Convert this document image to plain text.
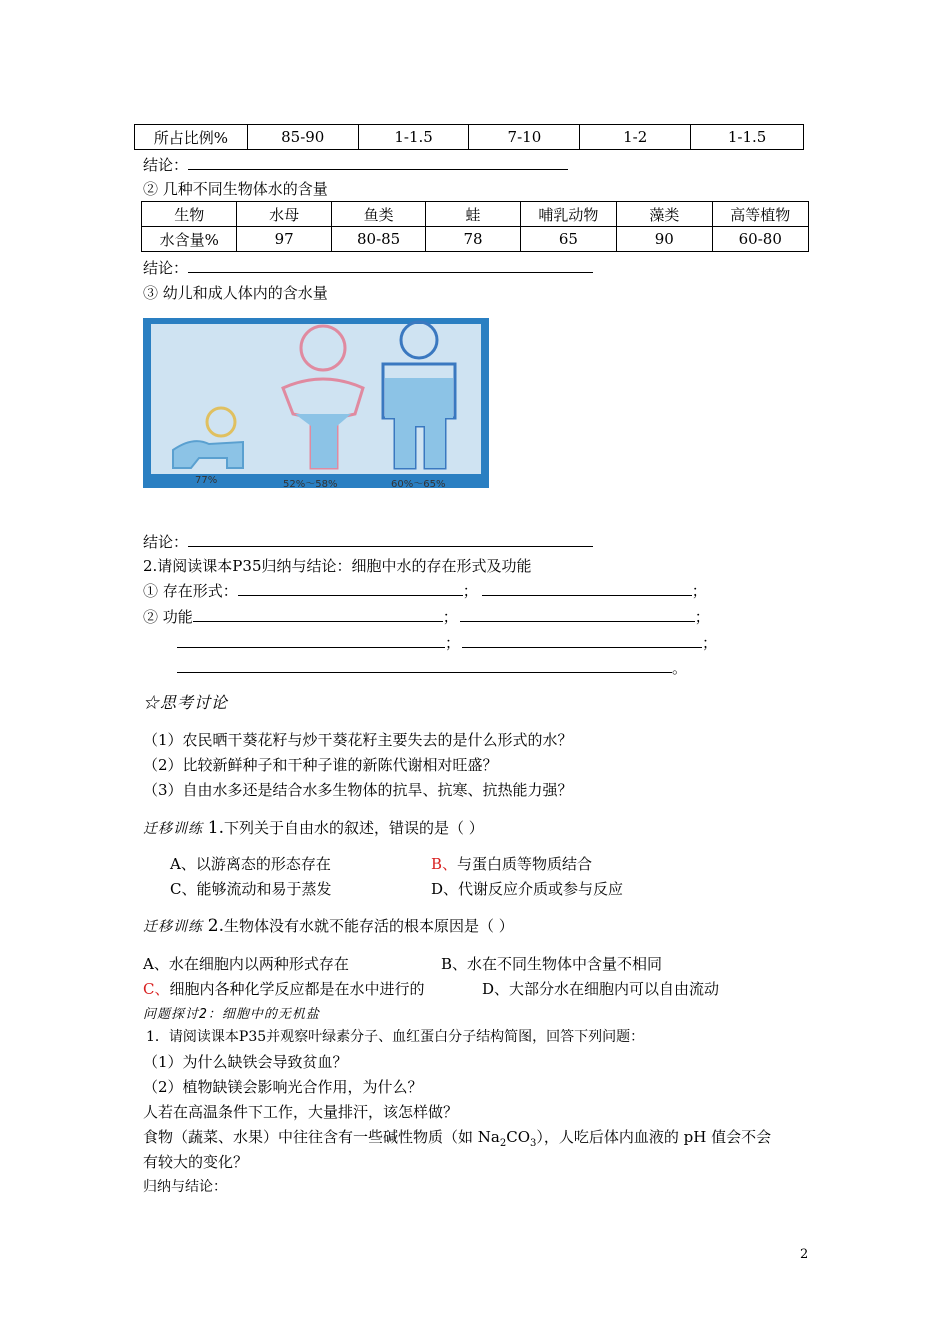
所占比例%	85-90	1-1.5	7-10	1-2	1-1.5
结论：
② 几种不同生物体水的含量
生物	水母	鱼类	蛙	哺乳动物	藻类	高等植物
水含量%	97	80-85	78	65	90	60-80
结论：
③ 幼儿和成人体内的含水量
77%	52%～58%	60%～65%
结论：
2.请阅读课本P35归纳与结论：细胞中水的存在形式及功能
① 存在形式：	；	；
② 功能	；	；
；	；
。
☆思考讨论
（1）农民晒干葵花籽与炒干葵花籽主要失去的是什么形式的水？
（2）比较新鲜种子和干种子谁的新陈代谢相对旺盛？
（3）自由水多还是结合水多生物体的抗旱、抗寒、抗热能力强？
迁移训练 1.下列关于自由水的叙述，错误的是（ ）
A、以游离态的形态存在	B、与蛋白质等物质结合
C、能够流动和易于蒸发	D、代谢反应介质或参与反应
迁移训练 2.生物体没有水就不能存活的根本原因是（ ）
A、水在细胞内以两种形式存在	B、水在不同生物体中含量不相同
C、细胞内各种化学反应都是在水中进行的	D、大部分水在细胞内可以自由流动
问题探讨2：细胞中的无机盐
1．请阅读课本P35并观察叶绿素分子、血红蛋白分子结构简图，回答下列问题：
（1）为什么缺铁会导致贫血？
（2）植物缺镁会影响光合作用，为什么？
人若在高温条件下工作，大量排汗，该怎样做？
食物（蔬菜、水果）中往往含有一些碱性物质（如 $Na_2CO_3$），人吃后体内血液的 pH 值会不会
有较大的变化？
归纳与结论：
2
